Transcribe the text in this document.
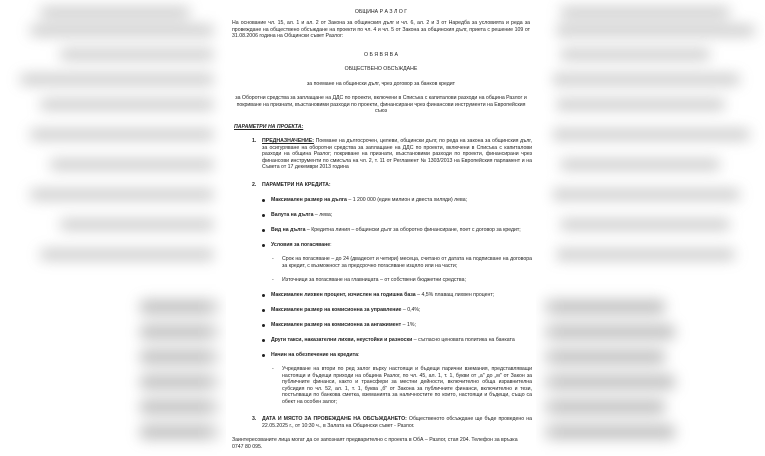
ОБЩИНА Р А З Л О Г

На основание чл. 15, ал. 1 и ал. 2 от Закона за общинския дълг и чл. 6, ал. 2 и 3 от Наредба за условията и реда за провеждане на обществено обсъждане на проекти по чл. 4 и чл. 5 от Закона за общинския дълг, приета с решение 109 от 31.08.2006 година на Общински съвет Разлог:

О Б Я В Я В А

ОБЩЕСТВЕНО ОБСЪЖДАНЕ

за поемане на общински дълг, чрез договор за банков кредит

за Оборотни средства за заплащане на ДДС по проекти, включени в Списъка с капиталови разходи на община Разлог и покриване на признати, възстановими разходи по проекти, финансирани чрез финансови инструменти на Европейския съюз

ПАРАМЕТРИ НА ПРОЕКТА:

1. ПРЕДНАЗНАЧЕНИЕ: Поемане на дългосрочен, целеви, общински дълг, по реда на закона за общинския дълг, за осигуряване на оборотни средства за заплащане на ДДС по проекти, включени в Списъка с капиталови разходи на община Разлог; покриване на признати, възстановими разходи по проекти, финансирани чрез финансови инструменти по смисъла на чл. 2, т. 11 от Регламент № 1303/2013 на Европейския парламент и на Съвета от 17 декември 2013 година

2. ПАРАМЕТРИ НА КРЕДИТА:

Максимален размер на дълга – 1 200 000 (един милион и двеста хиляди) лева;

Валута на дълга – лева;

Вид на дълга – Кредитна линия – общински дълг за оборотно финансиране, поет с договор за кредит;

Условия за погасяване:

- Срок на погасяване – до 24 (двадесет и четири) месеца, считано от датата на подписване на договора за кредит, с възможност за предсрочно погасяване изцяло или на части;

- Източници за погасяване на главницата – от собствени бюджетни средства;

Максимален лихвен процент, изчислен на годишна база – 4,5% плаващ лихвен процент;

Максимален размер на комисионна за управление – 0,4%;

Максимален размер на комисионна за ангажимент – 1%;

Други такси, наказателни лихви, неустойки и разноски – съгласно ценовата политика на банката

Начин на обезпечение на кредита:

- Учредяване на втори по ред залог върху настоящи и бъдещи парични вземания, представляващи настоящи и бъдещи приходи на община Разлог, по чл. 45, ал. 1, т. 1, букви от „а" до „м" от Закон за публичните финанси, както и трансфери за местни дейности, включително обща изравнителна субсидия по чл. 52, ал. 1, т. 1, буква „б" от Закона за публичните финанси, включително и тези, постъпващи по банкова сметка, вземанията за наличностите по които, настоящи и бъдещи, също са обект на особен залог;

3. ДАТА И МЯСТО ЗА ПРОВЕЖДАНЕ НА ОБСЪЖДАНЕТО: Общественото обсъждане ще бъде проведено на 22.05.2025 г., от 10:30 ч., в Залата на Общински съвет - Разлог.

Заинтересованите лица могат да се запознаят предварително с проекта в ОбА – Разлог, стая 204. Телефон за връзка 0747 80 095.
